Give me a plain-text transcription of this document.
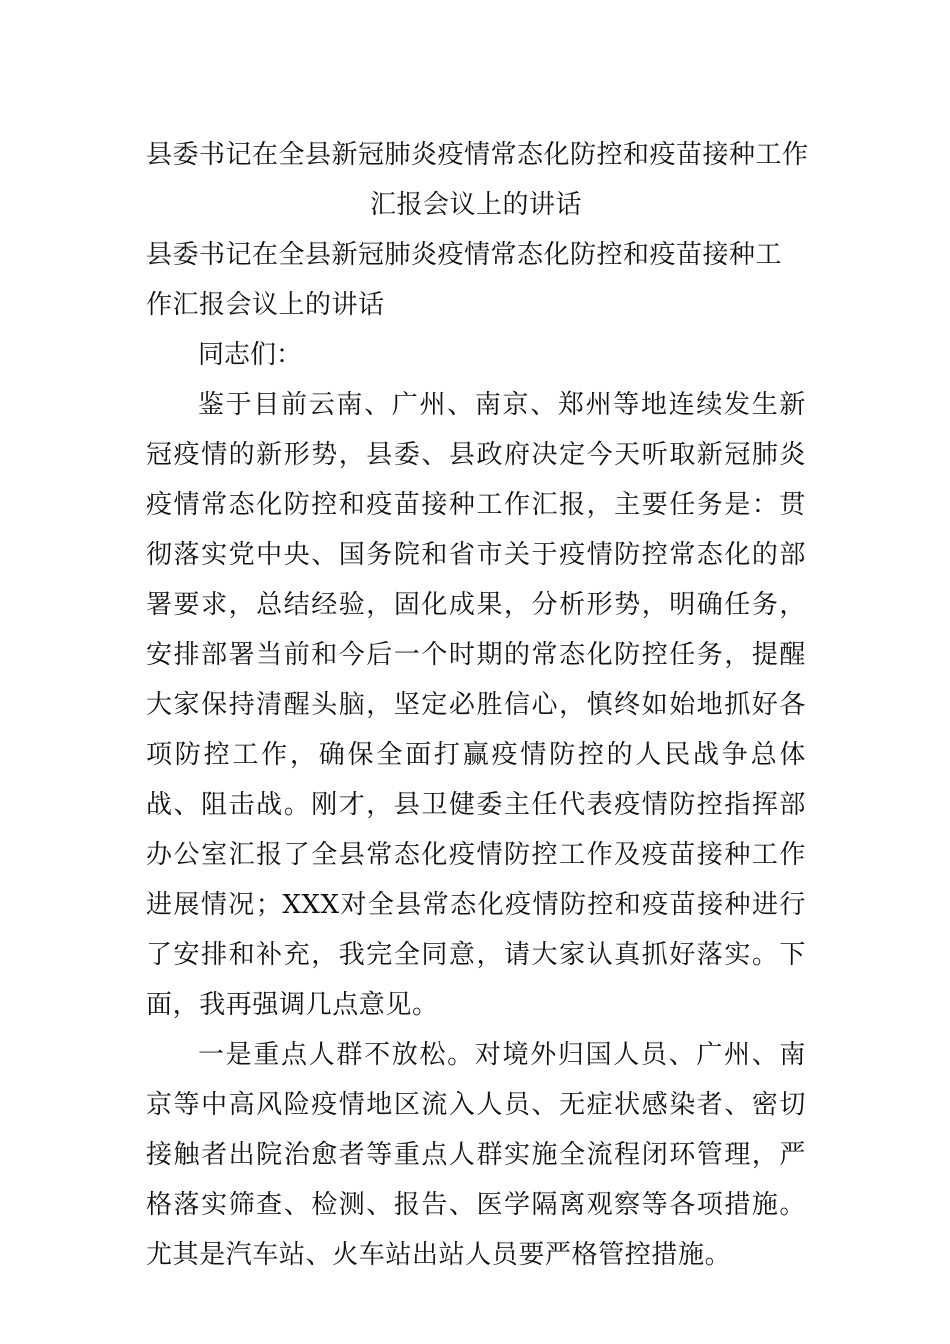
县委书记在全县新冠肺炎疫情常态化防控和疫苗接种工作
汇报会议上的讲话

县委书记在全县新冠肺炎疫情常态化防控和疫苗接种工作汇报会议上的讲话

同志们：

鉴于目前云南、广州、南京、郑州等地连续发生新冠疫情的新形势，县委、县政府决定今天听取新冠肺炎疫情常态化防控和疫苗接种工作汇报，主要任务是：贯彻落实党中央、国务院和省市关于疫情防控常态化的部署要求，总结经验，固化成果，分析形势，明确任务，安排部署当前和今后一个时期的常态化防控任务，提醒大家保持清醒头脑，坚定必胜信心，慎终如始地抓好各项防控工作，确保全面打赢疫情防控的人民战争总体战、阻击战。刚才，县卫健委主任代表疫情防控指挥部办公室汇报了全县常态化疫情防控工作及疫苗接种工作进展情况；XXX对全县常态化疫情防控和疫苗接种进行了安排和补充，我完全同意，请大家认真抓好落实。下面，我再强调几点意见。

一是重点人群不放松。对境外归国人员、广州、南京等中高风险疫情地区流入人员、无症状感染者、密切接触者出院治愈者等重点人群实施全流程闭环管理，严格落实筛查、检测、报告、医学隔离观察等各项措施。尤其是汽车站、火车站出站人员要严格管控措施。
